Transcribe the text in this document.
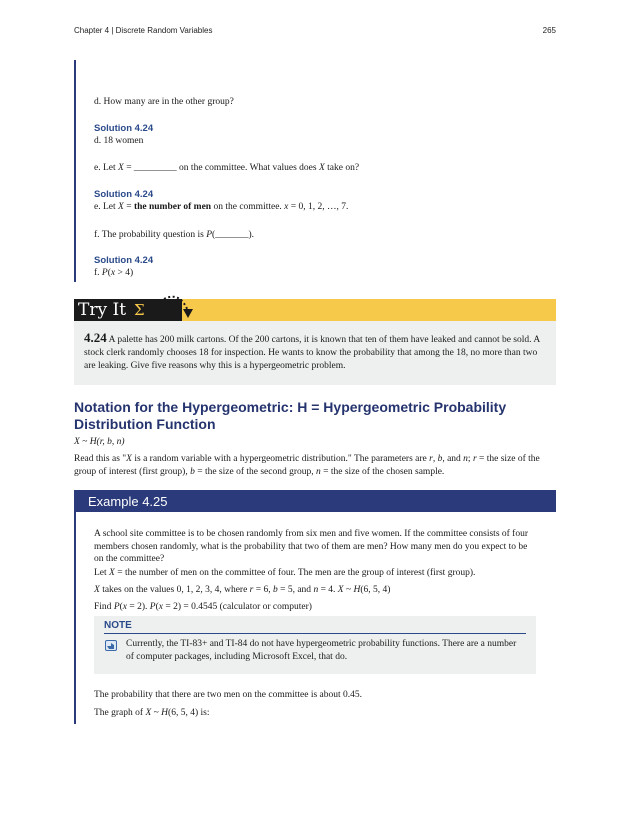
Chapter 4 | Discrete Random Variables	265

d. How many are in the other group?

Solution 4.24

d. 18 women

e. Let X = _________ on the committee. What values does X take on?

Solution 4.24

e. Let X = the number of men on the committee. x = 0, 1, 2, …, 7.

f. The probability question is P(_______).

Solution 4.24

f. P(x > 4)

Try It Σ

4.24 A palette has 200 milk cartons. Of the 200 cartons, it is known that ten of them have leaked and cannot be sold. A stock clerk randomly chooses 18 for inspection. He wants to know the probability that among the 18, no more than two are leaking. Give five reasons why this is a hypergeometric problem.

Notation for the Hypergeometric: H = Hypergeometric Probability Distribution Function

X ~ H(r, b, n)

Read this as "X is a random variable with a hypergeometric distribution." The parameters are r, b, and n; r = the size of the group of interest (first group), b = the size of the second group, n = the size of the chosen sample.

Example 4.25

A school site committee is to be chosen randomly from six men and five women. If the committee consists of four members chosen randomly, what is the probability that two of them are men? How many men do you expect to be on the committee?

Let X = the number of men on the committee of four. The men are the group of interest (first group).

X takes on the values 0, 1, 2, 3, 4, where r = 6, b = 5, and n = 4. X ~ H(6, 5, 4)

Find P(x = 2). P(x = 2) = 0.4545 (calculator or computer)

NOTE

Currently, the TI-83+ and TI-84 do not have hypergeometric probability functions. There are a number of computer packages, including Microsoft Excel, that do.

The probability that there are two men on the committee is about 0.45.

The graph of X ~ H(6, 5, 4) is:
